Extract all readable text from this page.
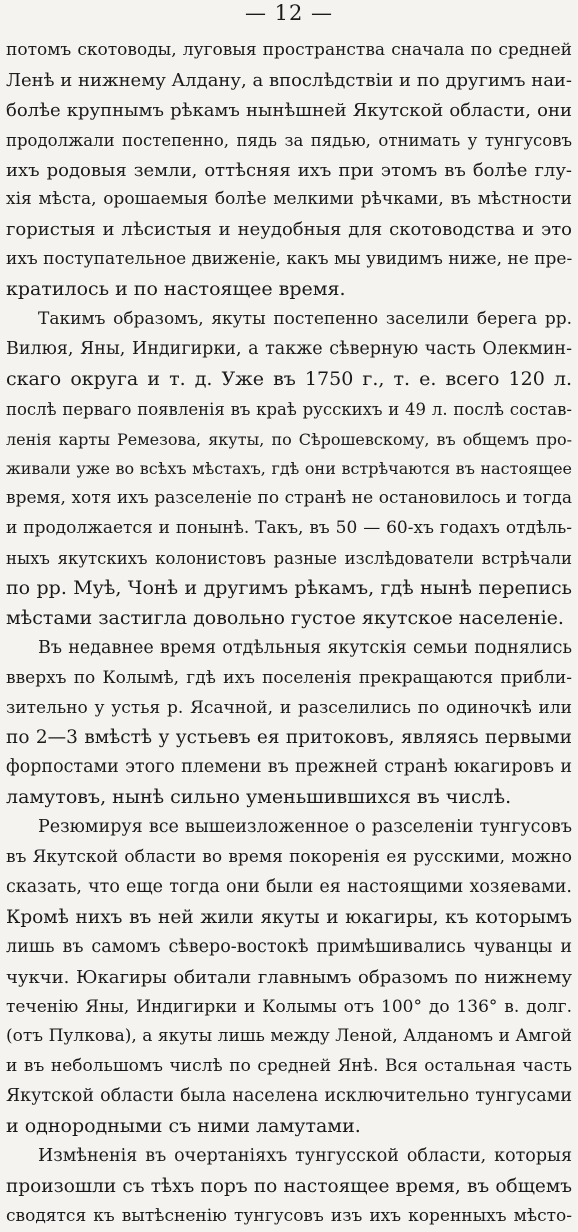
— 12 —
потомъ скотоводы, луговыя пространства сначала по средней
Ленѣ и нижнему Алдану, а впослѣдствіи и по другимъ наи-
болѣе крупнымъ рѣкамъ нынѣшней Якутской области, они
продолжали постепенно, пядь за пядью, отнимать у тунгусовъ
ихъ родовыя земли, оттѣсняя ихъ при этомъ въ болѣе глу-
хія мѣста, орошаемыя болѣе мелкими рѣчками, въ мѣстности
гористыя и лѣсистыя и неудобныя для скотоводства и это
ихъ поступательное движеніе, какъ мы увидимъ ниже, не пре-
кратилось и по настоящее время.
Такимъ образомъ, якуты постепенно заселили берега рр.
Вилюя, Яны, Индигирки, а также сѣверную часть Олекмин-
скаго округа и т. д. Уже въ 1750 г., т. е. всего 120 л.
послѣ перваго появленія въ краѣ русскихъ и 49 л. послѣ состав-
ленія карты Ремезова, якуты, по Сѣрошевскому, въ общемъ про-
живали уже во всѣхъ мѣстахъ, гдѣ они встрѣчаются въ настоящее
время, хотя ихъ разселеніе по странѣ не остановилось и тогда
и продолжается и понынѣ. Такъ, въ 50 — 60-хъ годахъ отдѣль-
ныхъ якутскихъ колонистовъ разные изслѣдователи встрѣчали
по рр. Муѣ, Чонѣ и другимъ рѣкамъ, гдѣ нынѣ перепись
мѣстами застигла довольно густое якутское населеніе.
Въ недавнее время отдѣльныя якутскія семьи поднялись
вверхъ по Колымѣ, гдѣ ихъ поселенія прекращаются прибли-
зительно у устья р. Ясачной, и разселились по одиночкѣ или
по 2—3 вмѣстѣ у устьевъ ея притоковъ, являясь первыми
форпостами этого племени въ прежней странѣ юкагировъ и
ламутовъ, нынѣ сильно уменьшившихся въ числѣ.
Резюмируя все вышеизложенное о разселеніи тунгусовъ
въ Якутской области во время покоренія ея русскими, можно
сказать, что еще тогда они были ея настоящими хозяевами.
Кромѣ нихъ въ ней жили якуты и юкагиры, къ которымъ
лишь въ самомъ сѣверо-востокѣ примѣшивались чуванцы и
чукчи. Юкагиры обитали главнымъ образомъ по нижнему
теченію Яны, Индигирки и Колымы отъ 100° до 136° в. долг.
(отъ Пулкова), а якуты лишь между Леной, Алданомъ и Амгой
и въ небольшомъ числѣ по средней Янѣ. Вся остальная часть
Якутской области была населена исключительно тунгусами
и однородными съ ними ламутами.
Измѣненія въ очертаніяхъ тунгусской области, которыя
произошли съ тѣхъ поръ по настоящее время, въ общемъ
сводятся къ вытѣсненію тунгусовъ изъ ихъ коренныхъ мѣсто-
